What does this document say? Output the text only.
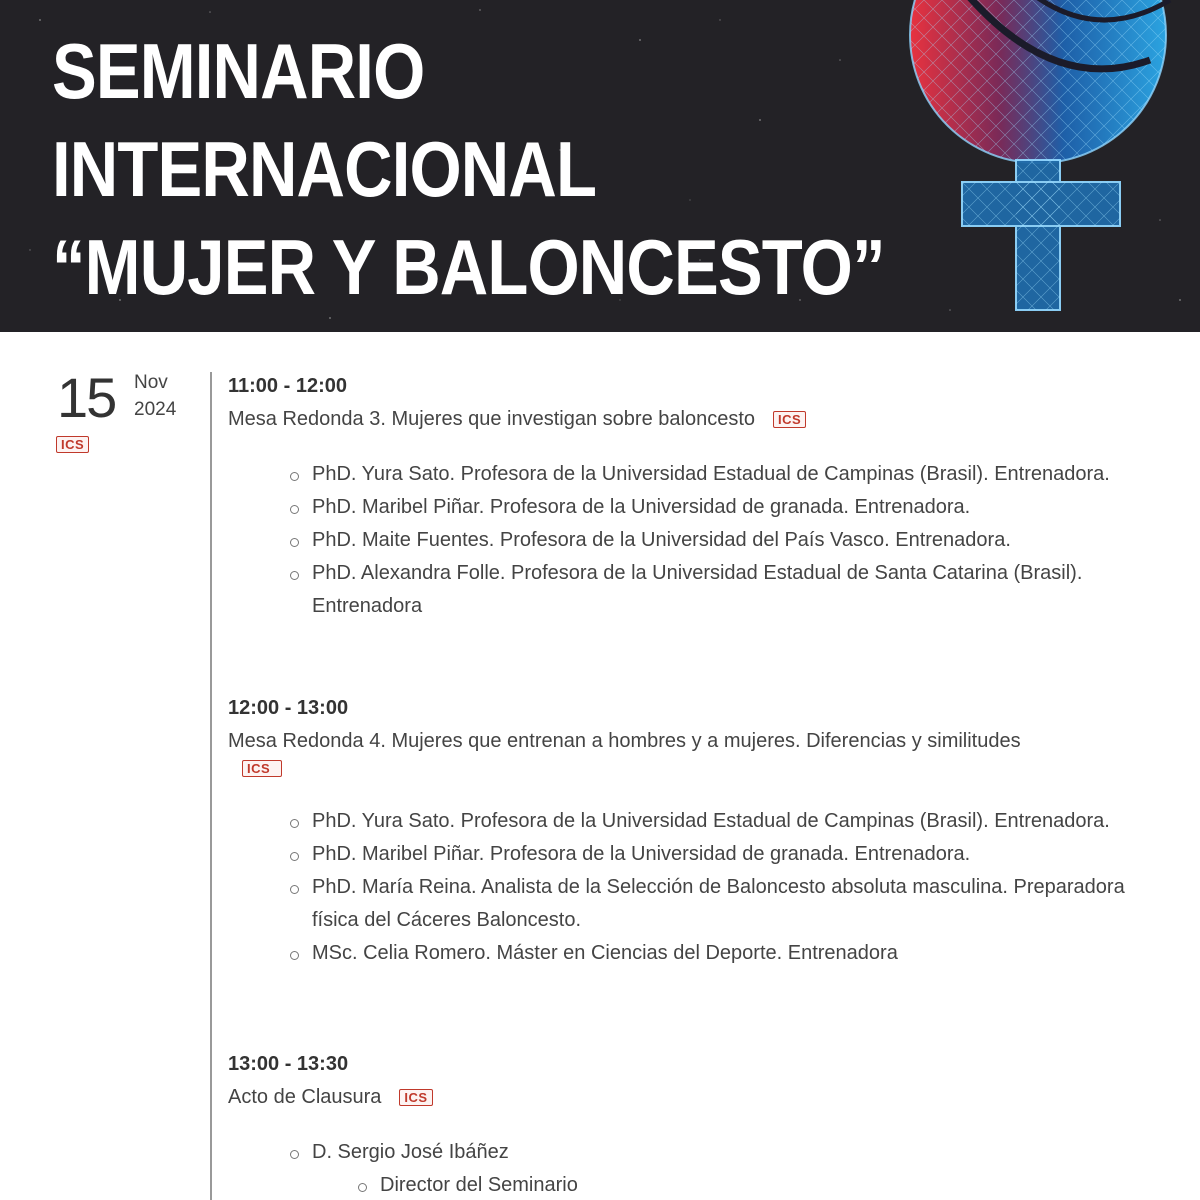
SEMINARIO
INTERNACIONAL
“MUJER Y BALONCESTO”
15 Nov
2024
ICS
11:00 - 12:00
Mesa Redonda 3. Mujeres que investigan sobre baloncesto ICS
PhD. Yura Sato. Profesora de la Universidad Estadual de Campinas (Brasil). Entrenadora.
PhD. Maribel Piñar. Profesora de la Universidad de granada. Entrenadora.
PhD. Maite Fuentes. Profesora de la Universidad del País Vasco. Entrenadora.
PhD. Alexandra Folle. Profesora de la Universidad Estadual de Santa Catarina (Brasil). Entrenadora
12:00 - 13:00
Mesa Redonda 4. Mujeres que entrenan a hombres y a mujeres. Diferencias y similitudes
ICS
PhD. Yura Sato. Profesora de la Universidad Estadual de Campinas (Brasil). Entrenadora.
PhD. Maribel Piñar. Profesora de la Universidad de granada. Entrenadora.
PhD. María Reina. Analista de la Selección de Baloncesto absoluta masculina. Preparadora física del Cáceres Baloncesto.
MSc. Celia Romero. Máster en Ciencias del Deporte. Entrenadora
13:00 - 13:30
Acto de Clausura ICS
D. Sergio José Ibáñez
Director del Seminario
